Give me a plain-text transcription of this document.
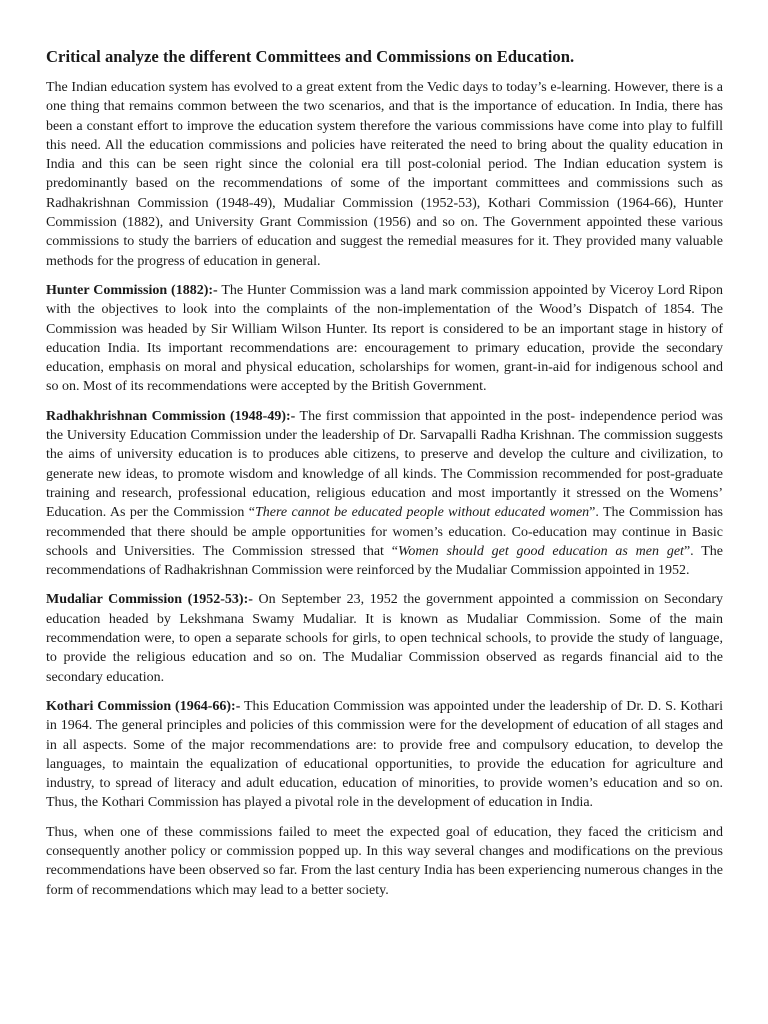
Critical analyze the different Committees and Commissions on Education.

The Indian education system has evolved to a great extent from the Vedic days to today’s e-learning. However, there is a one thing that remains common between the two scenarios, and that is the importance of education. In India, there has been a constant effort to improve the education system therefore the various commissions have come into play to fulfill this need. All the education commissions and policies have reiterated the need to bring about the quality education in India and this can be seen right since the colonial era till post-colonial period. The Indian education system is predominantly based on the recommendations of some of the important committees and commissions such as Radhakrishnan Commission (1948-49), Mudaliar Commission (1952-53), Kothari Commission (1964-66), Hunter Commission (1882), and University Grant Commission (1956) and so on. The Government appointed these various commissions to study the barriers of education and suggest the remedial measures for it. They provided many valuable methods for the progress of education in general.

Hunter Commission (1882):- The Hunter Commission was a land mark commission appointed by Viceroy Lord Ripon with the objectives to look into the complaints of the non-implementation of the Wood’s Dispatch of 1854. The Commission was headed by Sir William Wilson Hunter. Its report is considered to be an important stage in history of education India. Its important recommendations are: encouragement to primary education, provide the secondary education, emphasis on moral and physical education, scholarships for women, grant-in-aid for indigenous school and so on. Most of its recommendations were accepted by the British Government.

Radhakhrishnan Commission (1948-49):- The first commission that appointed in the post- independence period was the University Education Commission under the leadership of Dr. Sarvapalli Radha Krishnan. The commission suggests the aims of university education is to produces able citizens, to preserve and develop the culture and civilization, to generate new ideas, to promote wisdom and knowledge of all kinds. The Commission recommended for post-graduate training and research, professional education, religious education and most importantly it stressed on the Womens’ Education. As per the Commission “There cannot be educated people without educated women”. The Commission has recommended that there should be ample opportunities for women’s education. Co-education may continue in Basic schools and Universities. The Commission stressed that “Women should get good education as men get”. The recommendations of Radhakrishnan Commission were reinforced by the Mudaliar Commission appointed in 1952.

Mudaliar Commission (1952-53):- On September 23, 1952 the government appointed a commission on Secondary education headed by Lekshmana Swamy Mudaliar. It is known as Mudaliar Commission. Some of the main recommendation were, to open a separate schools for girls, to open technical schools, to provide the study of language, to provide the religious education and so on. The Mudaliar Commission observed as regards financial aid to the secondary education.

Kothari Commission (1964-66):- This Education Commission was appointed under the leadership of Dr. D. S. Kothari in 1964. The general principles and policies of this commission were for the development of education of all stages and in all aspects. Some of the major recommendations are: to provide free and compulsory education, to develop the languages, to maintain the equalization of educational opportunities, to provide the education for agriculture and industry, to spread of literacy and adult education, education of minorities, to provide women’s education and so on. Thus, the Kothari Commission has played a pivotal role in the development of education in India.

Thus, when one of these commissions failed to meet the expected goal of education, they faced the criticism and consequently another policy or commission popped up. In this way several changes and modifications on the previous recommendations have been observed so far. From the last century India has been experiencing numerous changes in the form of recommendations which may lead to a better society.
